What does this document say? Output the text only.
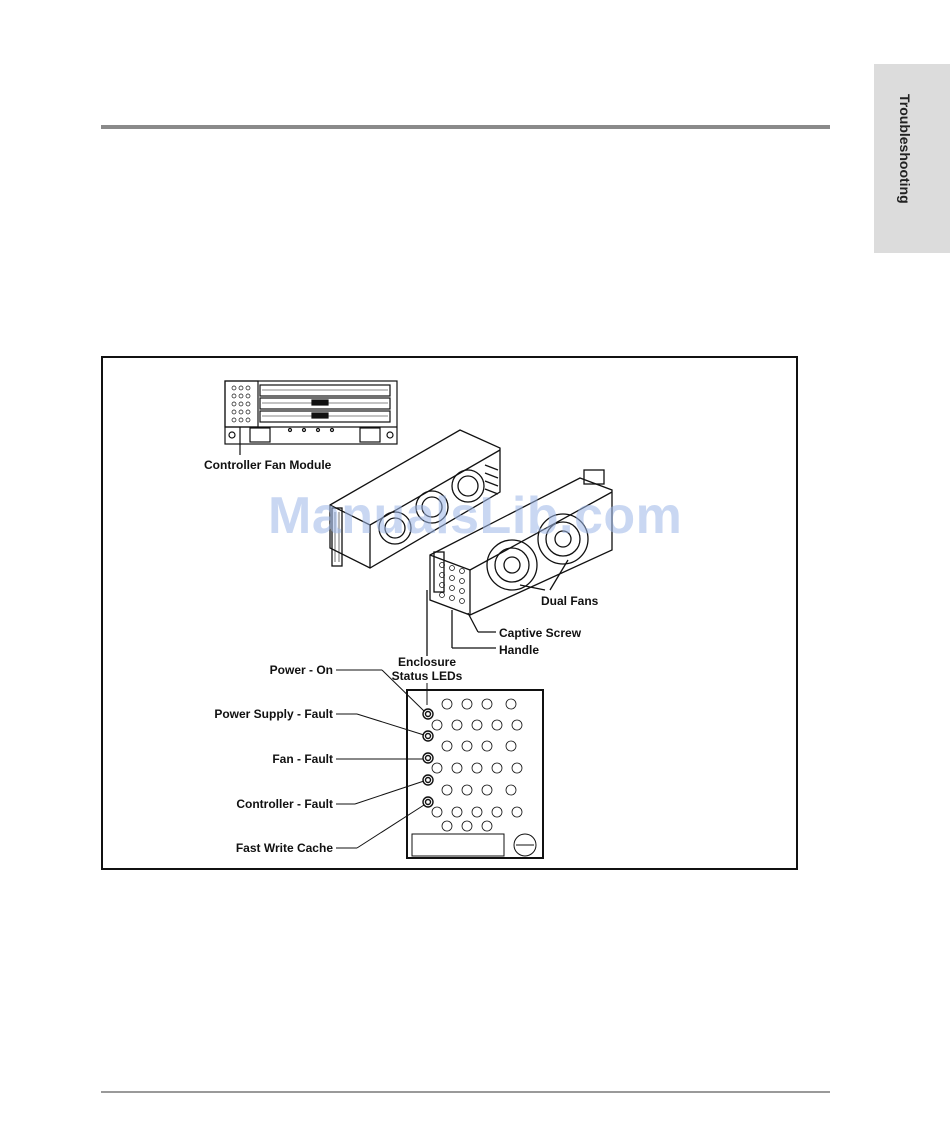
Troubleshooting
Controller Fan Module
Dual Fans
Captive Screw
Handle
Enclosure
Status LEDs
Power - On
Power Supply - Fault
Fan - Fault
Controller - Fault
Fast Write Cache
ManualsLib.com
